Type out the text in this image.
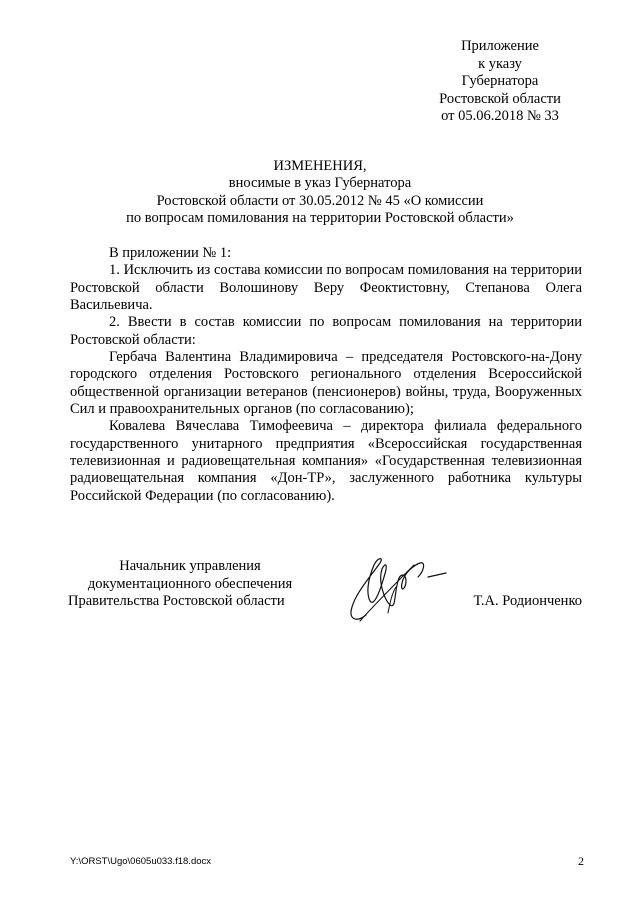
Приложение
к указу
Губернатора
Ростовской области
от 05.06.2018 № 33
ИЗМЕНЕНИЯ,
вносимые в указ Губернатора
Ростовской области от 30.05.2012 № 45 «О комиссии
по вопросам помилования на территории Ростовской области»

В приложении № 1:

1. Исключить из состава комиссии по вопросам помилования на территории Ростовской области Волошинову Веру Феоктистовну, Степанова Олега Васильевича.

2. Ввести в состав комиссии по вопросам помилования на территории Ростовской области:

Гербача Валентина Владимировича – председателя Ростовского-на-Дону городского отделения Ростовского регионального отделения Всероссийской общественной организации ветеранов (пенсионеров) войны, труда, Вооруженных Сил и правоохранительных органов (по согласованию);

Ковалева Вячеслава Тимофеевича – директора филиала федерального государственного унитарного предприятия «Всероссийская государственная телевизионная и радиовещательная компания» «Государственная телевизионная радиовещательная компания «Дон-ТР», заслуженного работника культуры Российской Федерации (по согласованию).

Начальник управления
документационного обеспечения
Правительства Ростовской области	Т.А. Родионченко
Y:\ORST\Ugo\0605u033.f18.docx	2
